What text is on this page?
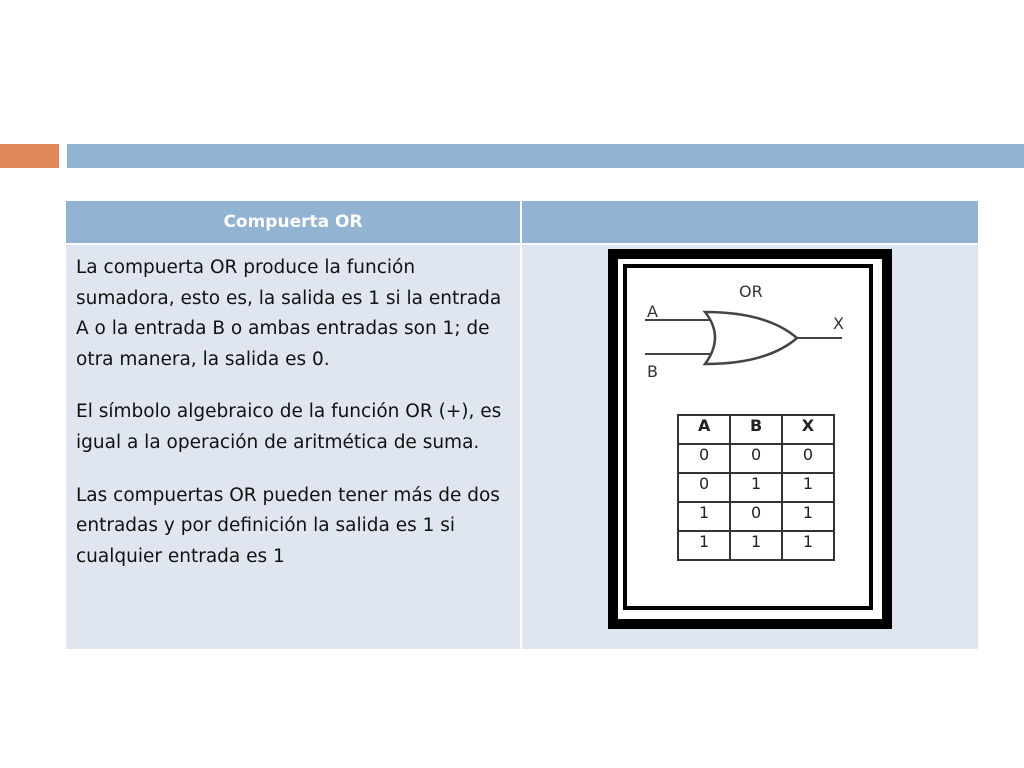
Compuerta OR	

La compuerta OR produce la función sumadora, esto es, la salida es 1 si la entrada A o la entrada B o ambas entradas son 1; de otra manera, la salida es 0.

El símbolo algebraico de la función OR (+), es igual a la operación de aritmética de suma.

Las compuertas OR pueden tener más de dos entradas y por definición la salida es 1 si cualquier entrada es 1

OR
A
B
X
A	B	X
0	0	0
0	1	1
1	0	1
1	1	1
